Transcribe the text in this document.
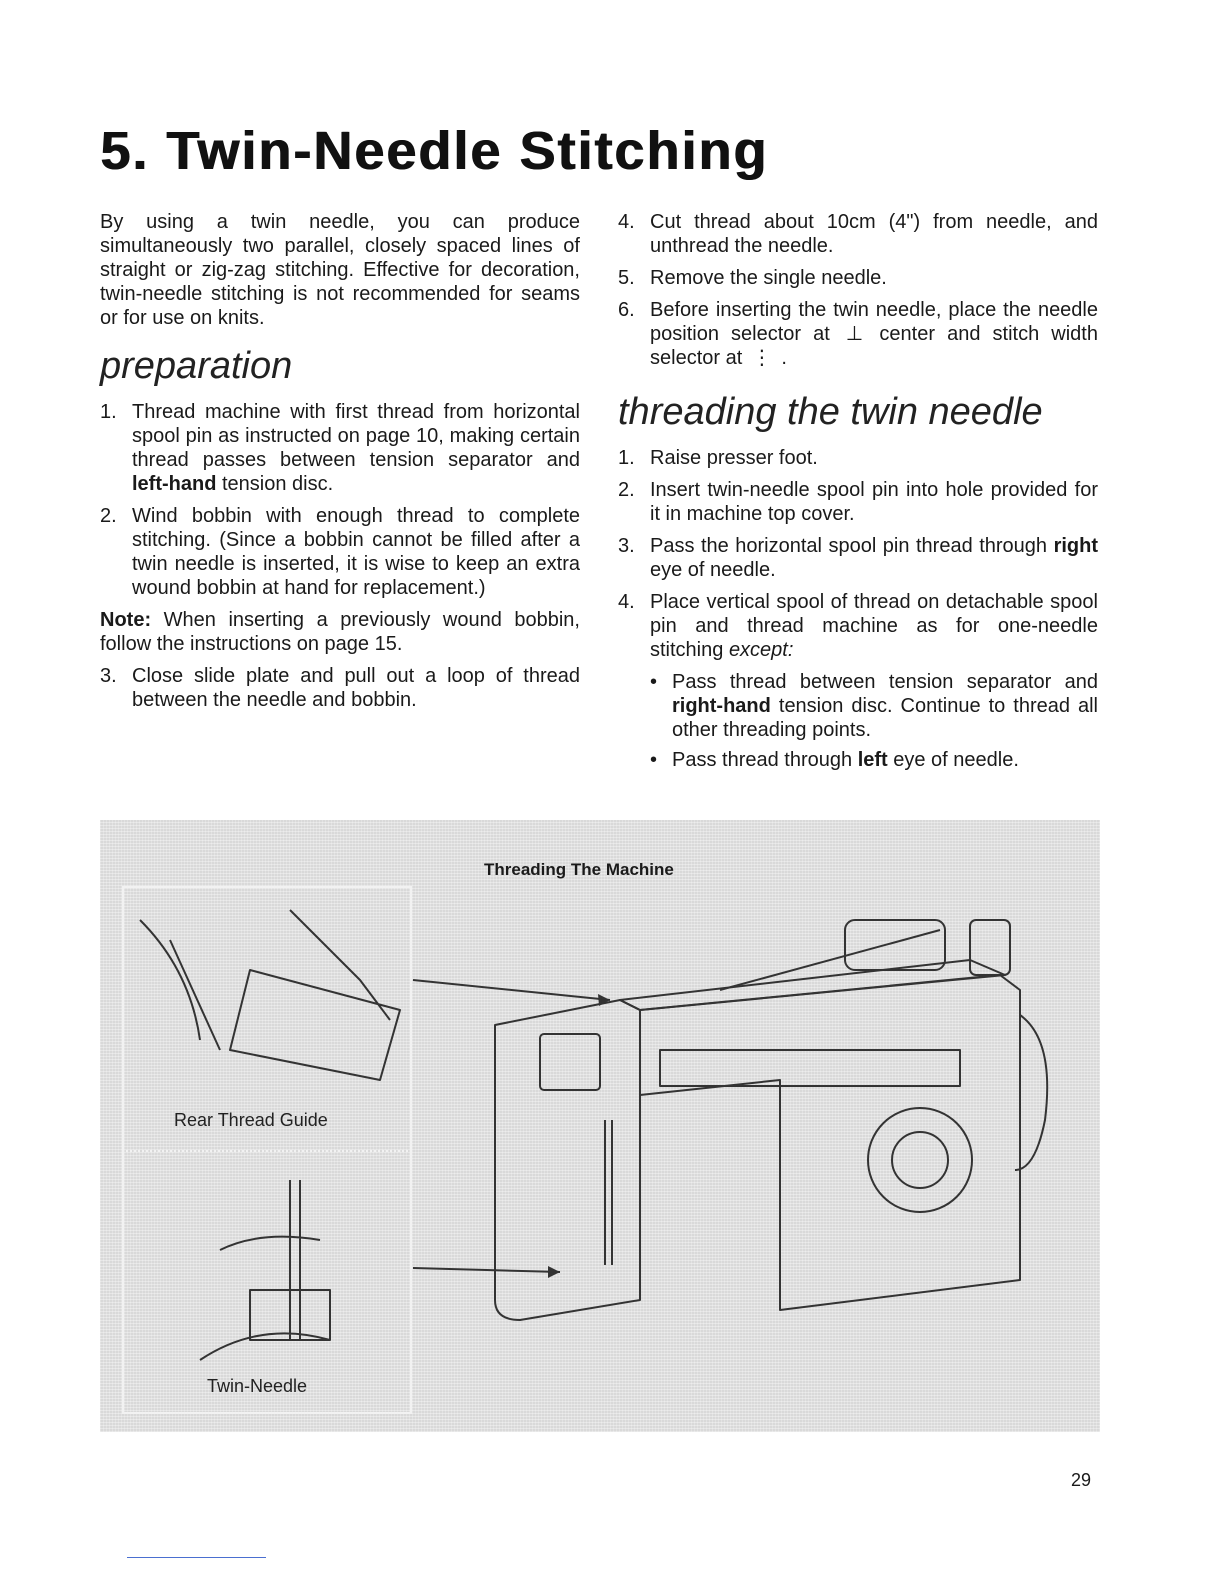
5. Twin-Needle Stitching

By using a twin needle, you can produce simultaneously two parallel, closely spaced lines of straight or zig-zag stitching. Effective for decoration, twin-needle stitching is not recommended for seams or for use on knits.

preparation
1. Thread machine with first thread from horizontal spool pin as instructed on page 10, making certain thread passes between tension separator and left-hand tension disc.
2. Wind bobbin with enough thread to complete stitching. (Since a bobbin cannot be filled after a twin needle is inserted, it is wise to keep an extra wound bobbin at hand for replacement.)

Note: When inserting a previously wound bobbin, follow the instructions on page 15.

3. Close slide plate and pull out a loop of thread between the needle and bobbin.
4. Cut thread about 10cm (4") from needle, and unthread the needle.
5. Remove the single needle.
6. Before inserting the twin needle, place the needle position selector at ⊥ center and stitch width selector at ⋮ .
threading the twin needle
1. Raise presser foot.
2. Insert twin-needle spool pin into hole provided for it in machine top cover.
3. Pass the horizontal spool pin thread through right eye of needle.
4. Place vertical spool of thread on detachable spool pin and thread machine as for one-needle stitching except:
• Pass thread between tension separator and right-hand tension disc. Continue to thread all other threading points.
• Pass thread through left eye of needle.
Threading The Machine
Rear Thread Guide
Twin-Needle
29
